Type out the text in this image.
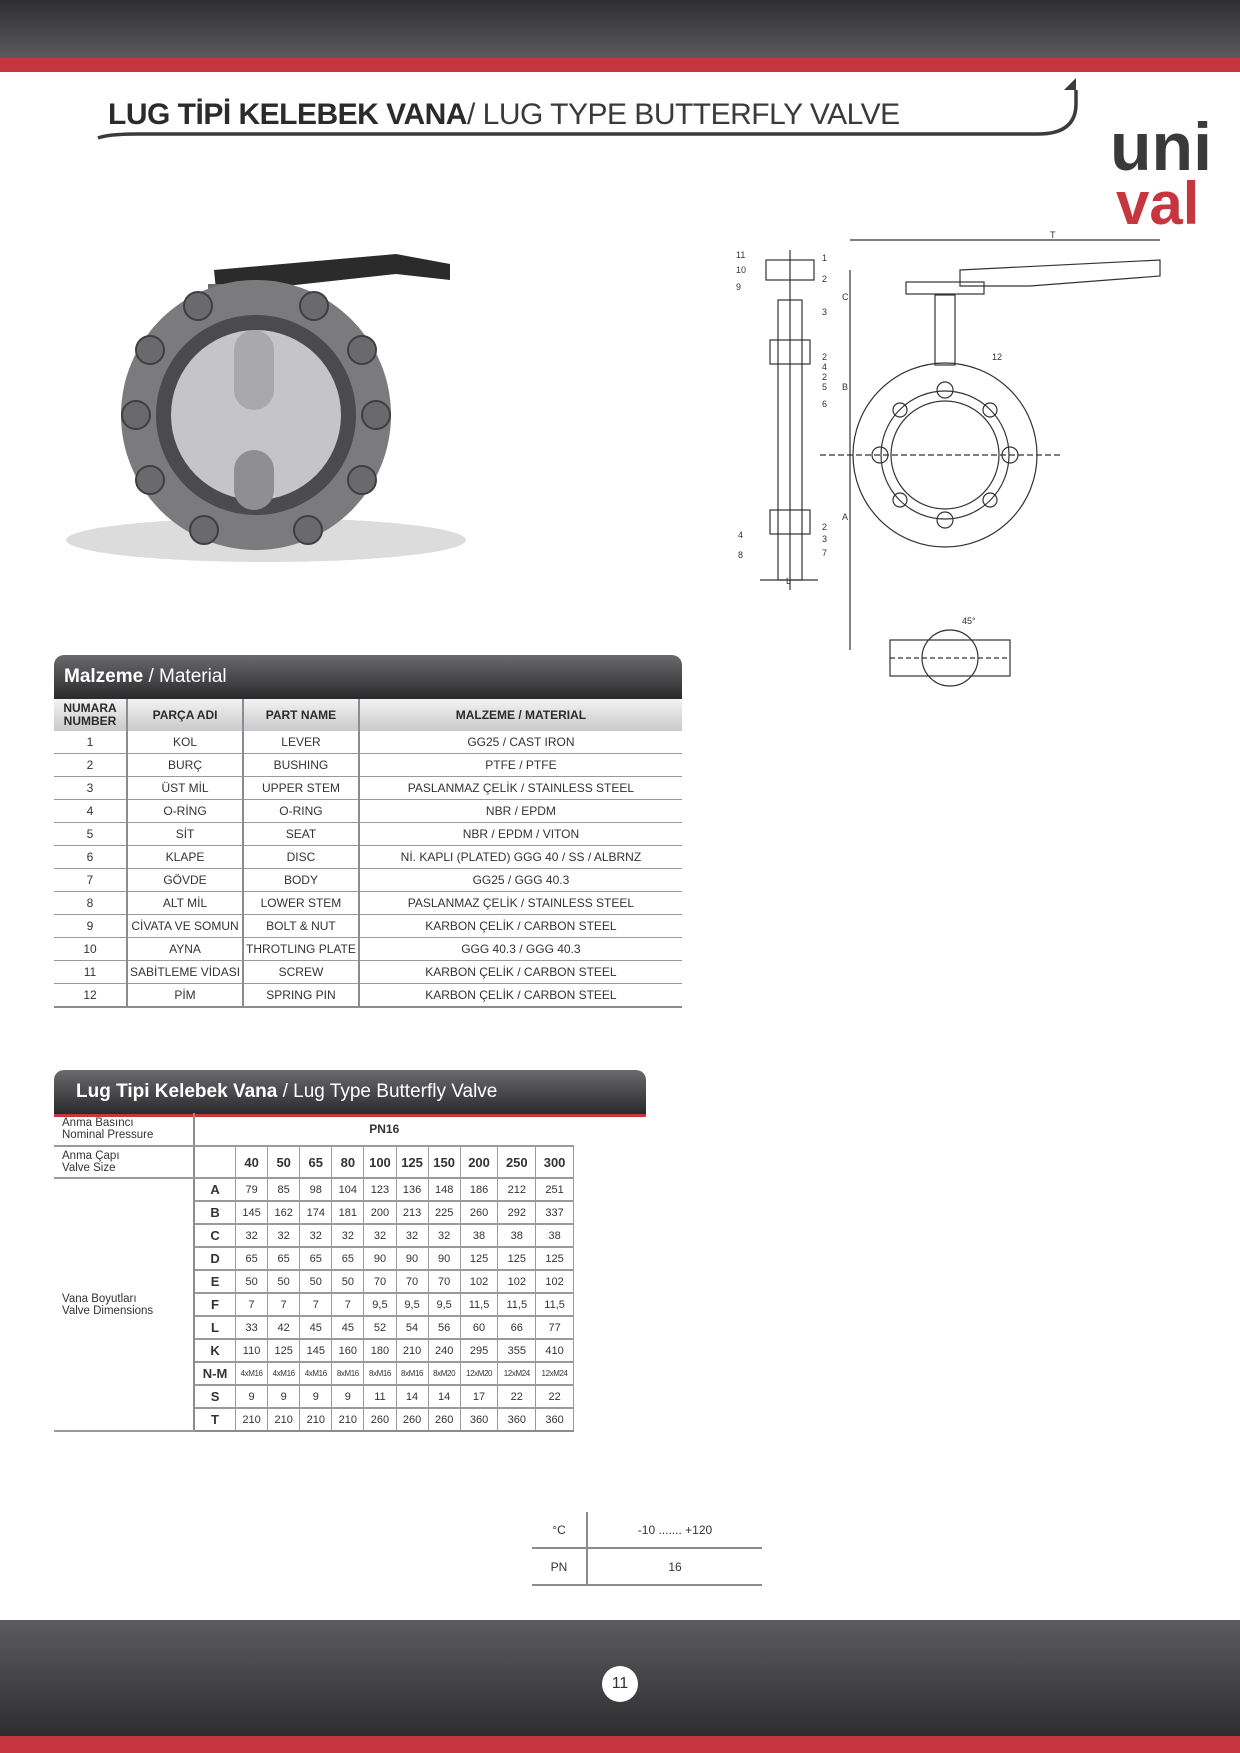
LUG TİPİ KELEBEK VANA/ LUG TYPE BUTTERFLY VALVE	uni
val
11
10
9
1
2
3
2
4
2
5
6
4
8
2
3
7
12
T
C
B
A
L
45°
Malzeme / Material
NUMARA NUMBER	PARÇA ADI	PART NAME	MALZEME / MATERIAL
1	KOL	LEVER	GG25 / CAST IRON
2	BURÇ	BUSHING	PTFE / PTFE
3	ÜST MİL	UPPER STEM	PASLANMAZ ÇELİK / STAINLESS STEEL
4	O-RİNG	O-RING	NBR / EPDM
5	SİT	SEAT	NBR / EPDM / VITON
6	KLAPE	DISC	Nİ. KAPLI (PLATED) GGG 40 / SS / ALBRNZ
7	GÖVDE	BODY	GG25 / GGG 40.3
8	ALT MİL	LOWER STEM	PASLANMAZ ÇELİK / STAINLESS STEEL
9	CİVATA VE SOMUN	BOLT & NUT	KARBON ÇELİK / CARBON STEEL
10	AYNA	THROTLING PLATE	GGG 40.3 / GGG 40.3
11	SABİTLEME VİDASI	SCREW	KARBON ÇELİK / CARBON STEEL
12	PİM	SPRING PIN	KARBON ÇELİK / CARBON STEEL
Lug Tipi Kelebek Vana / Lug Type Butterfly Valve
Anma Basıncı
Nominal Pressure	PN16										
Anma Çapı
Valve Size		40	50	65	80	100	125	150	200	250	300
Vana Boyutları
Valve Dimensions	A	79	85	98	104	123	136	148	186	212	251
	B	145	162	174	181	200	213	225	260	292	337
	C	32	32	32	32	32	32	32	38	38	38
	D	65	65	65	65	90	90	90	125	125	125
	E	50	50	50	50	70	70	70	102	102	102
	F	7	7	7	7	9,5	9,5	9,5	11,5	11,5	11,5
	L	33	42	45	45	52	54	56	60	66	77
	K	110	125	145	160	180	210	240	295	355	410
	N-M	4xM16	4xM16	4xM16	8xM16	8xM16	8xM16	8xM20	12xM20	12xM24	12xM24
	S	9	9	9	9	11	14	14	17	22	22
	T	210	210	210	210	260	260	260	360	360	360
°C	-10 ....... +120
PN	16
11
